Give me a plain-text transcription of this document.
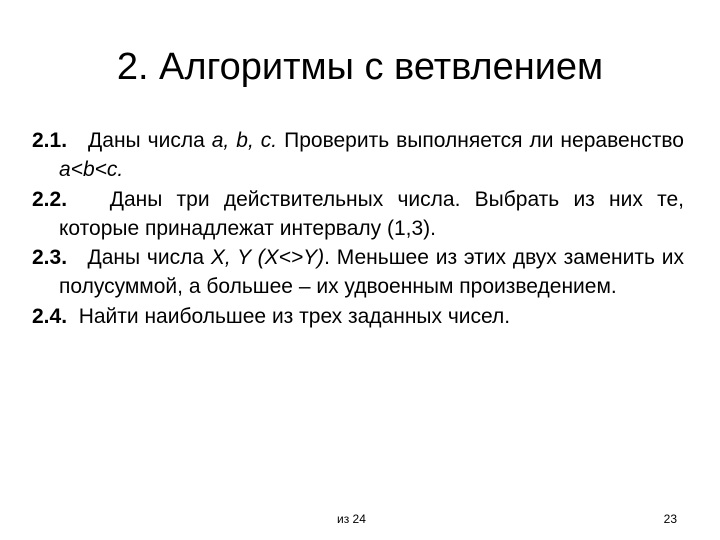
2. Алгоритмы с ветвлением
2.1. Даны числа a, b, c. Проверить выполняется ли неравенство a<b<c.
2.2. Даны три действительных числа. Выбрать из них те, которые принадлежат интервалу (1,3).
2.3. Даны числа X, Y (X<>Y). Меньшее из этих двух заменить их полусуммой, а большее – их удвоенным произведением.
2.4. Найти наибольшее из трех заданных чисел.
из 24	23
